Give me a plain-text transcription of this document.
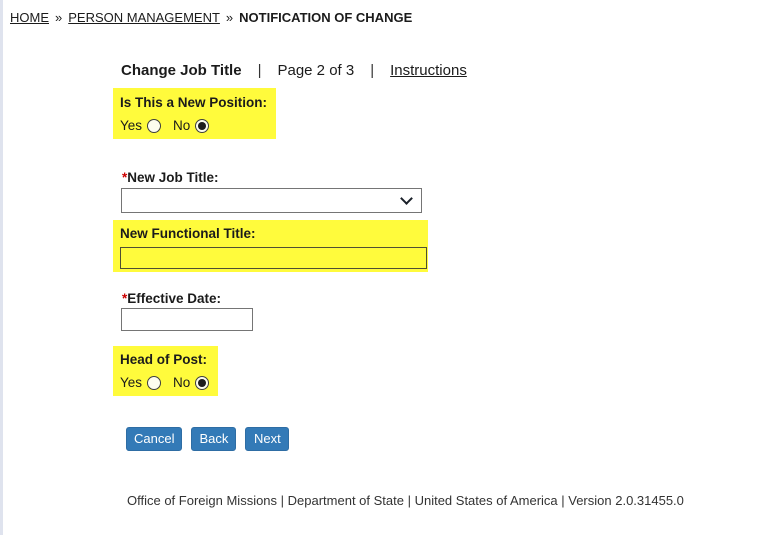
HOME » PERSON MANAGEMENT » NOTIFICATION OF CHANGE
Change Job Title | Page 2 of 3 | Instructions
Is This a New Position:
Yes No
*New Job Title:
New Functional Title:
*Effective Date:
Head of Post:
Yes No
Cancel	Back	Next
Office of Foreign Missions | Department of State | United States of America | Version 2.0.31455.0
